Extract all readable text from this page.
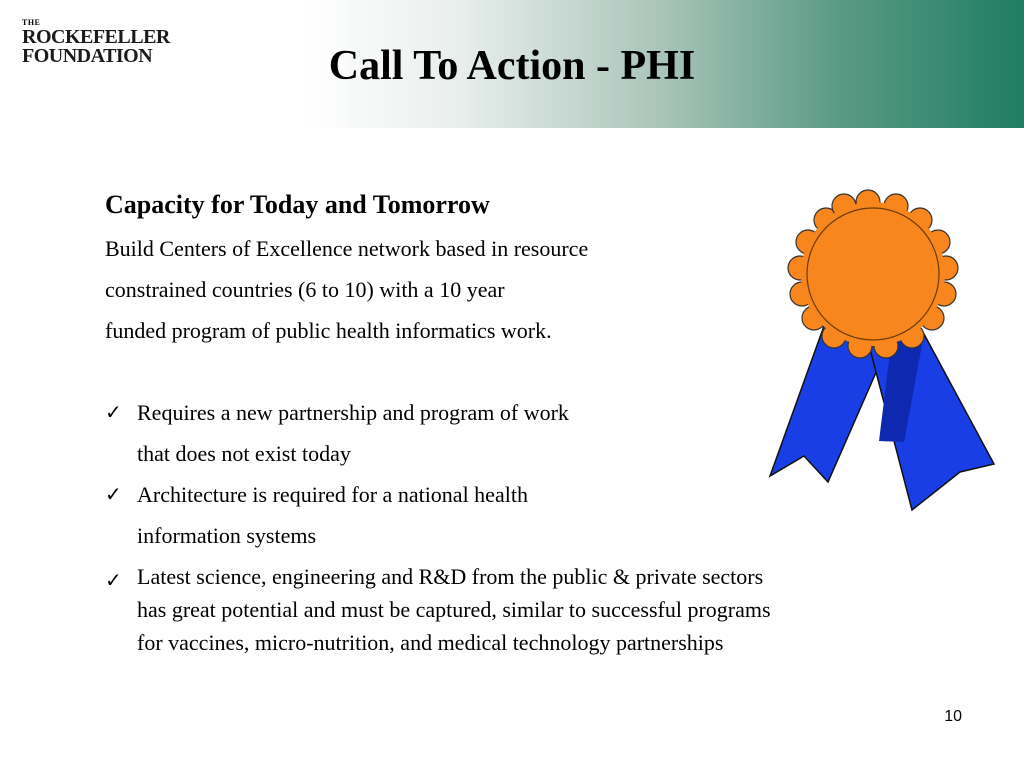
THE
ROCKEFELLER
FOUNDATION	Call To Action - PHI
Capacity for Today and Tomorrow
Build Centers of Excellence network based in resource
constrained countries (6 to 10) with a 10 year
funded program of public health informatics work.
✓ Requires a new partnership and program of work
that does not exist today
✓ Architecture is required for a national health
information systems
✓ Latest science, engineering and R&D from the public & private sectors
has great potential and must be captured, similar to successful programs
for vaccines, micro-nutrition, and medical technology partnerships
10
